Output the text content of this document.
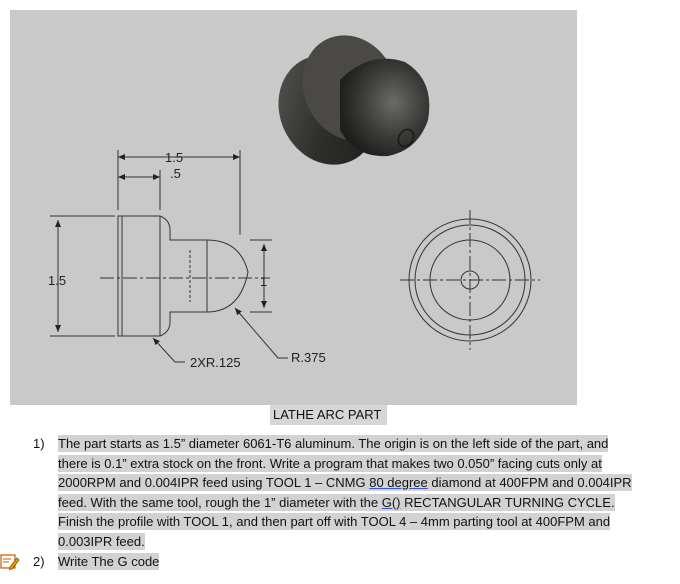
1.5
.5
1.5	1
2XR.125	R.375
LATHE ARC PART
1) The part starts as 1.5” diameter 6061-T6 aluminum. The origin is on the left side of the part, and there is 0.1” extra stock on the front. Write a program that makes two 0.050” facing cuts only at 2000RPM and 0.004IPR feed using TOOL 1 – CNMG 80 degree diamond at 400FPM and 0.004IPR feed. With the same tool, rough the 1” diameter with the G() RECTANGULAR TURNING CYCLE. Finish the profile with TOOL 1, and then part off with TOOL 4 – 4mm parting tool at 400FPM and 0.003IPR feed.
2) Write The G code
